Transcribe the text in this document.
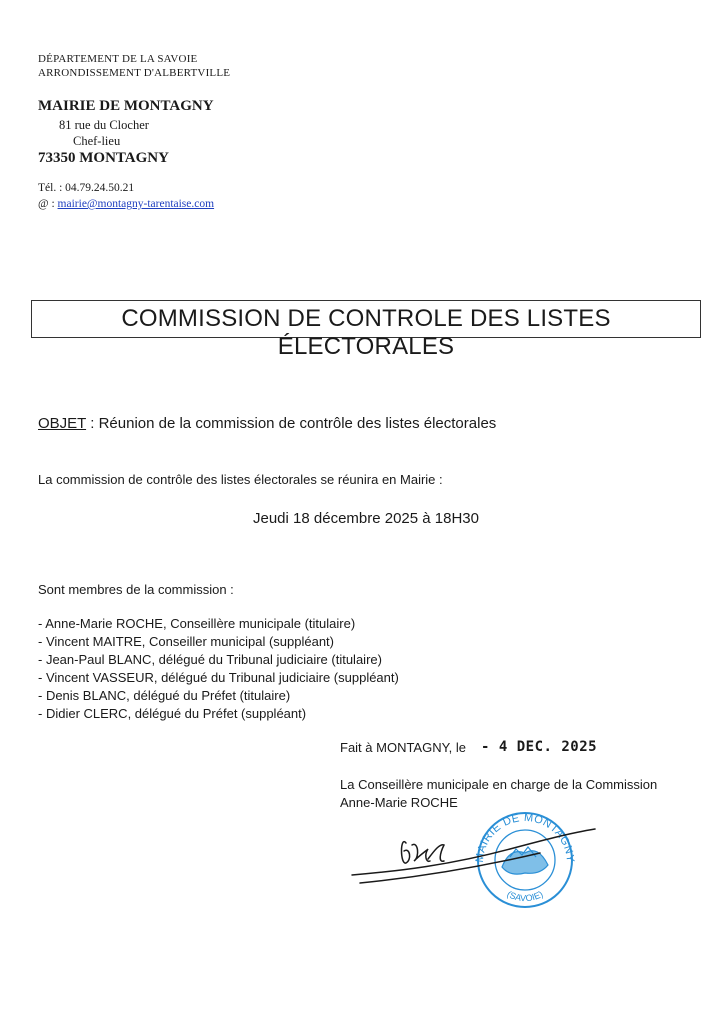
DÉPARTEMENT DE LA SAVOIE
ARRONDISSEMENT D'ALBERTVILLE
MAIRIE DE MONTAGNY
81 rue du Clocher
Chef-lieu
73350 MONTAGNY
Tél. : 04.79.24.50.21
@ : mairie@montagny-tarentaise.com
COMMISSION DE CONTROLE DES LISTES ÉLECTORALES
OBJET : Réunion de la commission de contrôle des listes électorales
La commission de contrôle des listes électorales se réunira en Mairie :
Jeudi 18 décembre 2025 à 18H30
Sont membres de la commission :
- Anne-Marie ROCHE, Conseillère municipale (titulaire)
- Vincent MAITRE, Conseiller municipal (suppléant)
- Jean-Paul BLANC, délégué du Tribunal judiciaire (titulaire)
- Vincent VASSEUR, délégué du Tribunal judiciaire (suppléant)
- Denis BLANC, délégué du Préfet (titulaire)
- Didier CLERC, délégué du Préfet (suppléant)
Fait à MONTAGNY, le - 4 DEC. 2025
La Conseillère municipale en charge de la Commission
Anne-Marie ROCHE
MAIRIE DE MONTAGNY
(SAVOIE)
